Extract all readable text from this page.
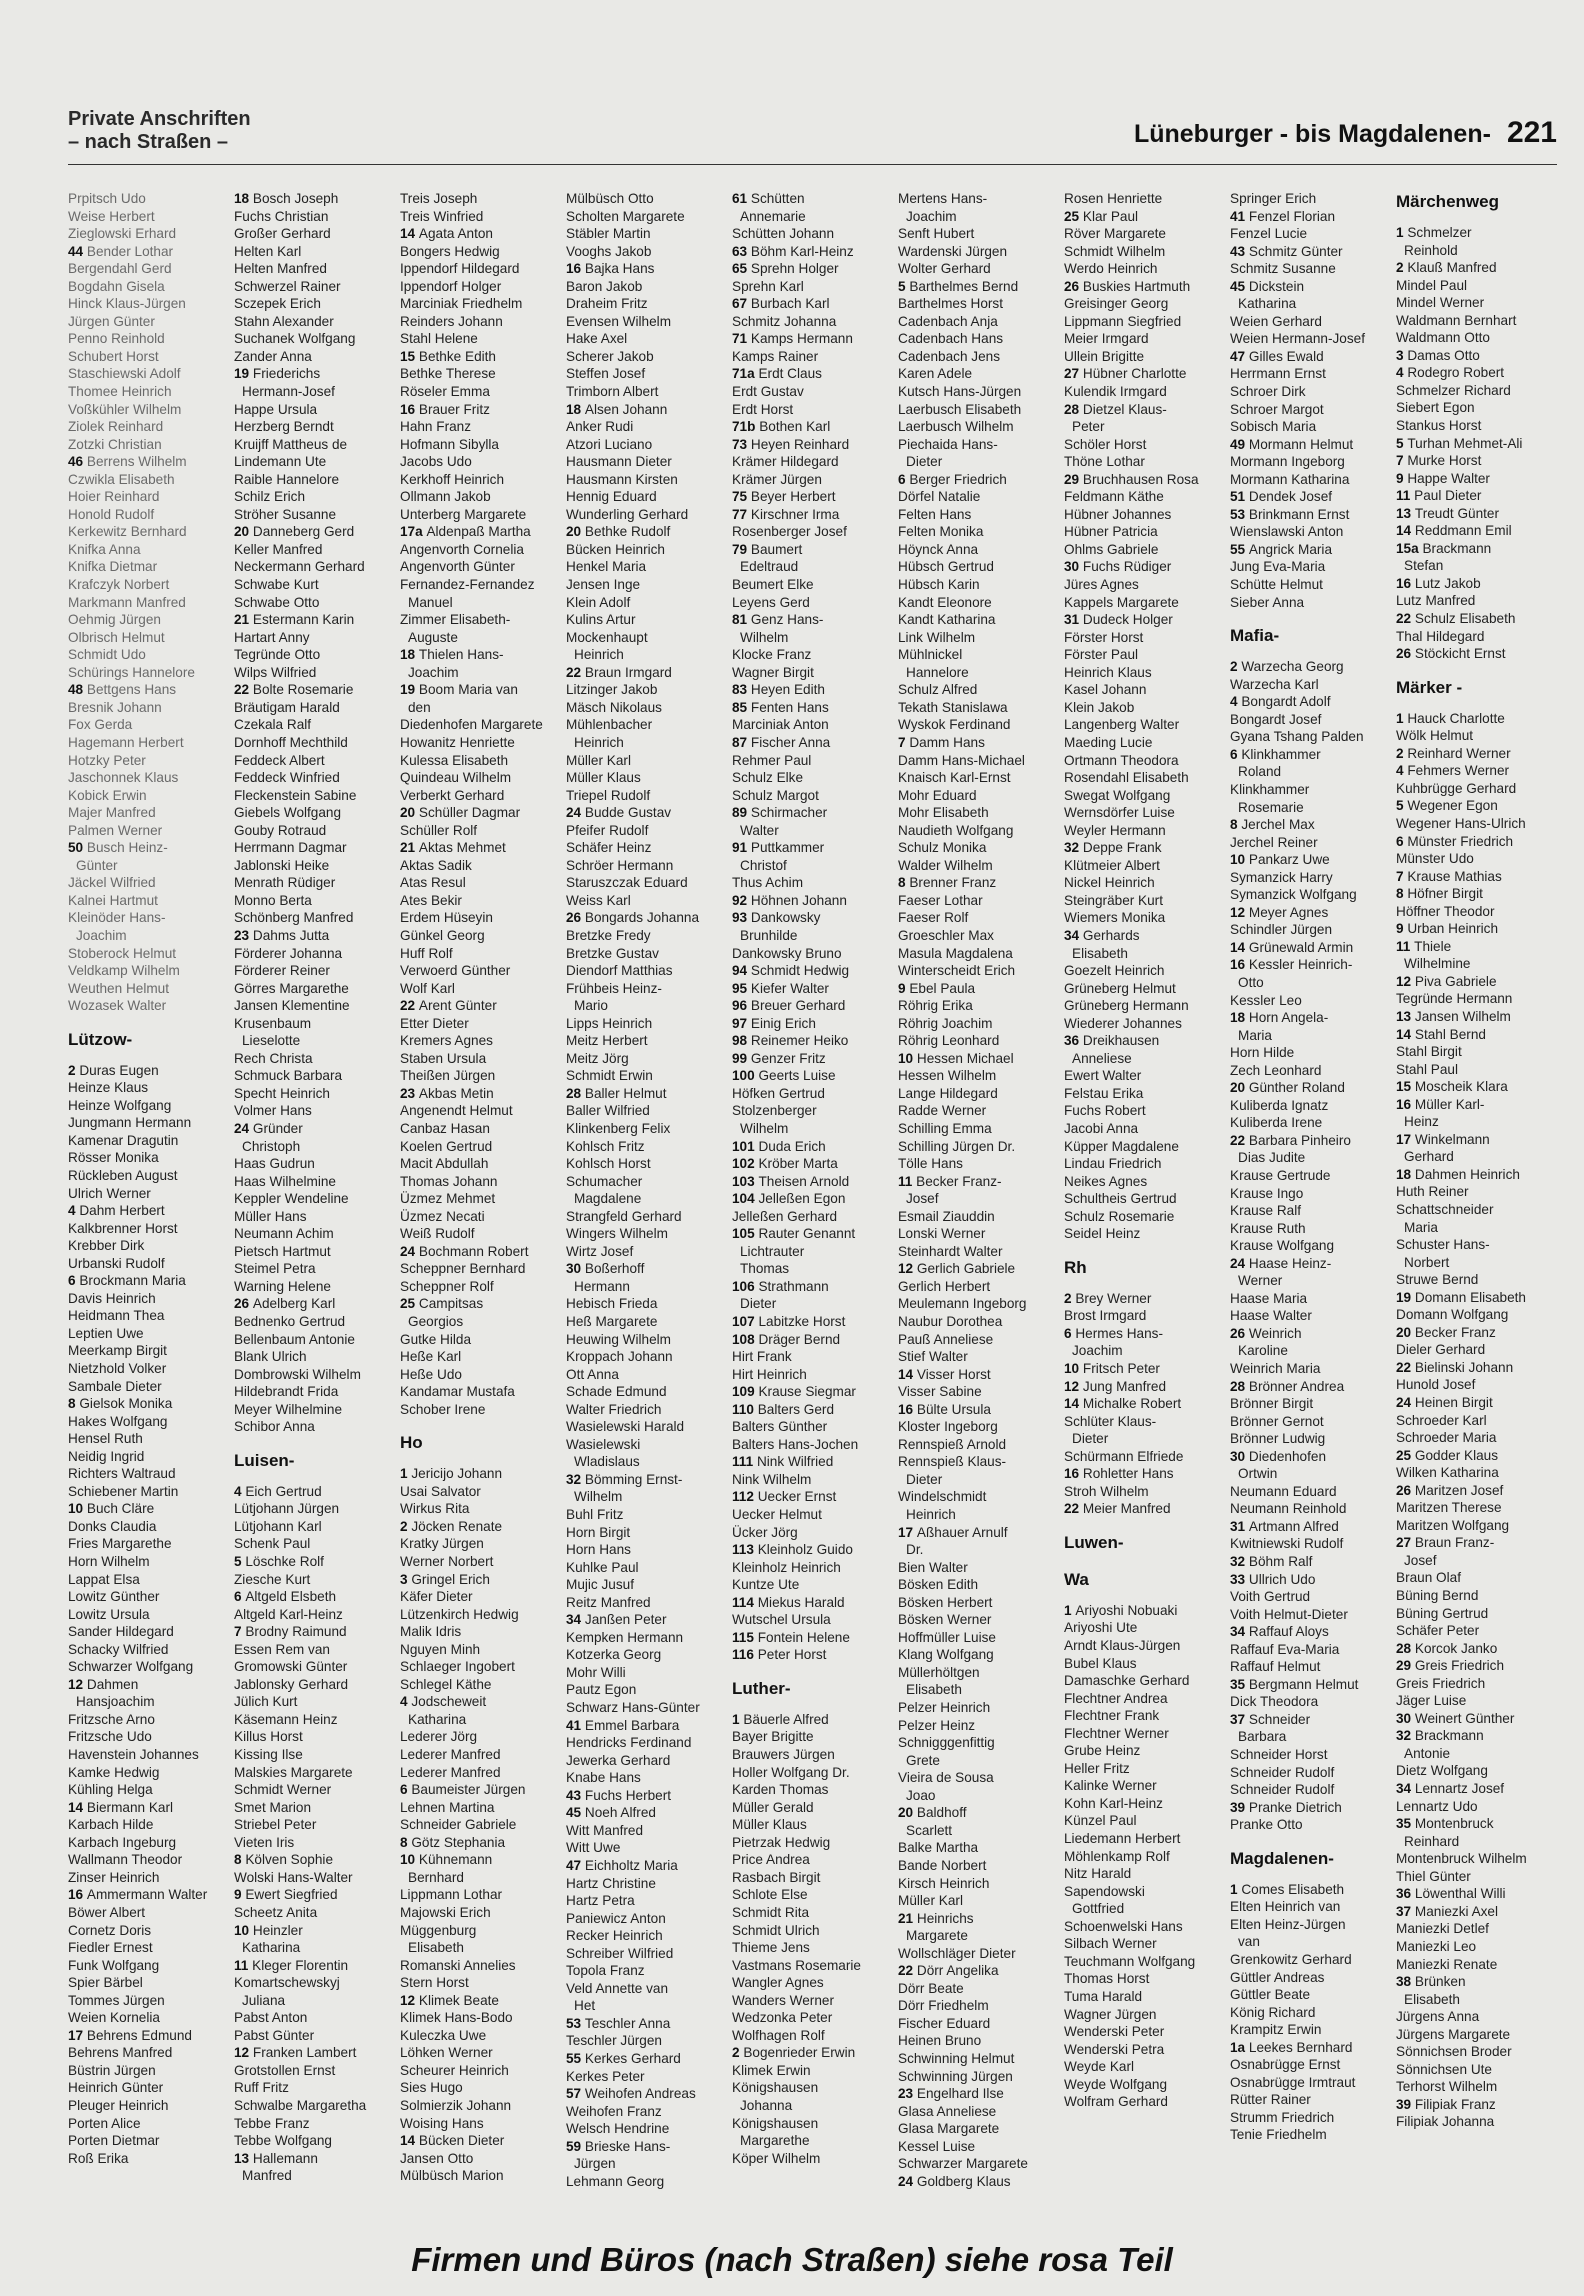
Private Anschriften
– nach Straßen –	Lüneburger - bis Magdalenen- 221
Prpitsch Udo
Weise Herbert
Zieglowski Erhard
44 Bender Lothar
Bergendahl Gerd
Bogdahn Gisela
Hinck Klaus-Jürgen
Jürgen Günter
Penno Reinhold
Schubert Horst
Staschiewski Adolf
Thomee Heinrich
Voßkühler Wilhelm
Ziolek Reinhard
Zotzki Christian
46 Berrens Wilhelm
Czwikla Elisabeth
Hoier Reinhard
Honold Rudolf
Kerkewitz Bernhard
Knifka Anna
Knifka Dietmar
Krafczyk Norbert
Markmann Manfred
Oehmig Jürgen
Olbrisch Helmut
Schmidt Udo
Schürings Hannelore
48 Bettgens Hans
Bresnik Johann
Fox Gerda
Hagemann Herbert
Hotzky Peter
Jaschonnek Klaus
Kobick Erwin
Majer Manfred
Palmen Werner
50 Busch Heinz-
Günter
Jäckel Wilfried
Kalnei Hartmut
Kleinöder Hans-
Joachim
Stoberock Helmut
Veldkamp Wilhelm
Weuthen Helmut
Wozasek Walter
Lützow-
2 Duras Eugen
Heinze Klaus
Heinze Wolfgang
Jungmann Hermann
Kamenar Dragutin
Rösser Monika
Rückleben August
Ulrich Werner
4 Dahm Herbert
Kalkbrenner Horst
Krebber Dirk
Urbanski Rudolf
6 Brockmann Maria
Davis Heinrich
Heidmann Thea
Leptien Uwe
Meerkamp Birgit
Nietzhold Volker
Sambale Dieter
8 Gielsok Monika
Hakes Wolfgang
Hensel Ruth
Neidig Ingrid
Richters Waltraud
Schiebener Martin
10 Buch Cläre
Donks Claudia
Fries Margarethe
Horn Wilhelm
Lappat Elsa
Lowitz Günther
Lowitz Ursula
Sander Hildegard
Schacky Wilfried
Schwarzer Wolfgang
12 Dahmen
Hansjoachim
Fritzsche Arno
Fritzsche Udo
Havenstein Johannes
Kamke Hedwig
Kühling Helga
14 Biermann Karl
Karbach Hilde
Karbach Ingeburg
Wallmann Theodor
Zinser Heinrich
16 Ammermann Walter
Böwer Albert
Cornetz Doris
Fiedler Ernest
Funk Wolfgang
Spier Bärbel
Tommes Jürgen
Weien Kornelia
17 Behrens Edmund
Behrens Manfred
Büstrin Jürgen
Heinrich Günter
Pleuger Heinrich
Porten Alice
Porten Dietmar
Roß Erika
18 Bosch Joseph
Fuchs Christian
Großer Gerhard
Helten Karl
Helten Manfred
Schwerzel Rainer
Sczepek Erich
Stahn Alexander
Suchanek Wolfgang
Zander Anna
19 Friederichs
Hermann-Josef
Happe Ursula
Herzberg Berndt
Kruijff Mattheus de
Lindemann Ute
Raible Hannelore
Schilz Erich
Ströher Susanne
20 Danneberg Gerd
Keller Manfred
Neckermann Gerhard
Schwabe Kurt
Schwabe Otto
21 Estermann Karin
Hartart Anny
Tegründe Otto
Wilps Wilfried
22 Bolte Rosemarie
Bräutigam Harald
Czekala Ralf
Dornhoff Mechthild
Feddeck Albert
Feddeck Winfried
Fleckenstein Sabine
Giebels Wolfgang
Gouby Rotraud
Herrmann Dagmar
Jablonski Heike
Menrath Rüdiger
Monno Berta
Schönberg Manfred
23 Dahms Jutta
Förderer Johanna
Förderer Reiner
Görres Margarethe
Jansen Klementine
Krusenbaum
Lieselotte
Rech Christa
Schmuck Barbara
Specht Heinrich
Volmer Hans
24 Gründer
Christoph
Haas Gudrun
Haas Wilhelmine
Keppler Wendeline
Müller Hans
Neumann Achim
Pietsch Hartmut
Steimel Petra
Warning Helene
26 Adelberg Karl
Bednenko Gertrud
Bellenbaum Antonie
Blank Ulrich
Dombrowski Wilhelm
Hildebrandt Frida
Meyer Wilhelmine
Schibor Anna
Luisen-
4 Eich Gertrud
Lütjohann Jürgen
Lütjohann Karl
Schenk Paul
5 Löschke Rolf
Ziesche Kurt
6 Altgeld Elsbeth
Altgeld Karl-Heinz
7 Brodny Raimund
Essen Rem van
Gromowski Günter
Jablonsky Gerhard
Jülich Kurt
Käsemann Heinz
Killus Horst
Kissing Ilse
Malskies Margarete
Schmidt Werner
Smet Marion
Striebel Peter
Vieten Iris
8 Kölven Sophie
Wolski Hans-Walter
9 Ewert Siegfried
Scheetz Anita
10 Heinzler
Katharina
11 Kleger Florentin
Komartschewskyj
Juliana
Pabst Anton
Pabst Günter
12 Franken Lambert
Grotstollen Ernst
Ruff Fritz
Schwalbe Margaretha
Tebbe Franz
Tebbe Wolfgang
13 Hallemann
Manfred
Treis Joseph
Treis Winfried
14 Agata Anton
Bongers Hedwig
Ippendorf Hildegard
Ippendorf Holger
Marciniak Friedhelm
Reinders Johann
Stahl Helene
15 Bethke Edith
Bethke Therese
Röseler Emma
16 Brauer Fritz
Hahn Franz
Hofmann Sibylla
Jacobs Udo
Kerkhoff Heinrich
Ollmann Jakob
Unterberg Margarete
17a Aldenpaß Martha
Angenvorth Cornelia
Angenvorth Günter
Fernandez-Fernandez
Manuel
Zimmer Elisabeth-
Auguste
18 Thielen Hans-
Joachim
19 Boom Maria van
den
Diedenhofen Margarete
Howanitz Henriette
Kulessa Elisabeth
Quindeau Wilhelm
Verberkt Gerhard
20 Schüller Dagmar
Schüller Rolf
21 Aktas Mehmet
Aktas Sadik
Atas Resul
Ates Bekir
Erdem Hüseyin
Günkel Georg
Huff Rolf
Verwoerd Günther
Wolf Karl
22 Arent Günter
Etter Dieter
Kremers Agnes
Staben Ursula
Theißen Jürgen
23 Akbas Metin
Angenendt Helmut
Canbaz Hasan
Koelen Gertrud
Macit Abdullah
Thomas Johann
Üzmez Mehmet
Üzmez Necati
Weiß Rudolf
24 Bochmann Robert
Scheppner Bernhard
Scheppner Rolf
25 Campitsas
Georgios
Gutke Hilda
Heße Karl
Heße Udo
Kandamar Mustafa
Schober Irene
Ho
1 Jericijo Johann
Usai Salvator
Wirkus Rita
2 Jöcken Renate
Kratky Jürgen
Werner Norbert
3 Gringel Erich
Käfer Dieter
Lützenkirch Hedwig
Malik Idris
Nguyen Minh
Schlaeger Ingobert
Schlegel Käthe
4 Jodscheweit
Katharina
Lederer Jörg
Lederer Manfred
Lederer Manfred
6 Baumeister Jürgen
Lehnen Martina
Schneider Gabriele
8 Götz Stephania
10 Kühnemann
Bernhard
Lippmann Lothar
Majowski Erich
Müggenburg
Elisabeth
Romanski Annelies
Stern Horst
12 Klimek Beate
Klimek Hans-Bodo
Kuleczka Uwe
Löhken Werner
Scheurer Heinrich
Sies Hugo
Solmierzik Johann
Woising Hans
14 Bücken Dieter
Jansen Otto
Mülbüsch Marion
Mülbüsch Otto
Scholten Margarete
Stäbler Martin
Vooghs Jakob
16 Bajka Hans
Baron Jakob
Draheim Fritz
Evensen Wilhelm
Hake Axel
Scherer Jakob
Steffen Josef
Trimborn Albert
18 Alsen Johann
Anker Rudi
Atzori Luciano
Hausmann Dieter
Hausmann Kirsten
Hennig Eduard
Wunderling Gerhard
20 Bethke Rudolf
Bücken Heinrich
Henkel Maria
Jensen Inge
Klein Adolf
Kulins Artur
Mockenhaupt
Heinrich
22 Braun Irmgard
Litzinger Jakob
Mäsch Nikolaus
Mühlenbacher
Heinrich
Müller Karl
Müller Klaus
Triepel Rudolf
24 Budde Gustav
Pfeifer Rudolf
Schäfer Heinz
Schröer Hermann
Staruszczak Eduard
Weiss Karl
26 Bongards Johanna
Bretzke Fredy
Bretzke Gustav
Diendorf Matthias
Frühbeis Heinz-
Mario
Lipps Heinrich
Meitz Herbert
Meitz Jörg
Schmidt Erwin
28 Baller Helmut
Baller Wilfried
Klinkenberg Felix
Kohlsch Fritz
Kohlsch Horst
Schumacher
Magdalene
Strangfeld Gerhard
Wingers Wilhelm
Wirtz Josef
30 Boßerhoff
Hermann
Hebisch Frieda
Heß Margarete
Heuwing Wilhelm
Kroppach Johann
Ott Anna
Schade Edmund
Walter Friedrich
Wasielewski Harald
Wasielewski
Wladislaus
32 Bömming Ernst-
Wilhelm
Buhl Fritz
Horn Birgit
Horn Hans
Kuhlke Paul
Mujic Jusuf
Reitz Manfred
34 Janßen Peter
Kempken Hermann
Kotzerka Georg
Mohr Willi
Pautz Egon
Schwarz Hans-Günter
41 Emmel Barbara
Hendricks Ferdinand
Jewerka Gerhard
Knabe Hans
43 Fuchs Herbert
45 Noeh Alfred
Witt Manfred
Witt Uwe
47 Eichholtz Maria
Hartz Christine
Hartz Petra
Paniewicz Anton
Recker Heinrich
Schreiber Wilfried
Topola Franz
Veld Annette van
Het
53 Teschler Anna
Teschler Jürgen
55 Kerkes Gerhard
Kerkes Peter
57 Weihofen Andreas
Weihofen Franz
Welsch Hendrine
59 Brieske Hans-
Jürgen
Lehmann Georg
61 Schütten
Annemarie
Schütten Johann
63 Böhm Karl-Heinz
65 Sprehn Holger
Sprehn Karl
67 Burbach Karl
Schmitz Johanna
71 Kamps Hermann
Kamps Rainer
71a Erdt Claus
Erdt Gustav
Erdt Horst
71b Bothen Karl
73 Heyen Reinhard
Krämer Hildegard
Krämer Jürgen
75 Beyer Herbert
77 Kirschner Irma
Rosenberger Josef
79 Baumert
Edeltraud
Beumert Elke
Leyens Gerd
81 Genz Hans-
Wilhelm
Klocke Franz
Wagner Birgit
83 Heyen Edith
85 Fenten Hans
Marciniak Anton
87 Fischer Anna
Rehmer Paul
Schulz Elke
Schulz Margot
89 Schirmacher
Walter
91 Puttkammer
Christof
Thus Achim
92 Höhnen Johann
93 Dankowsky
Brunhilde
Dankowsky Bruno
94 Schmidt Hedwig
95 Kiefer Walter
96 Breuer Gerhard
97 Einig Erich
98 Reinemer Heiko
99 Genzer Fritz
100 Geerts Luise
Höfken Gertrud
Stolzenberger
Wilhelm
101 Duda Erich
102 Kröber Marta
103 Theisen Arnold
104 Jelleßen Egon
Jelleßen Gerhard
105 Rauter Genannt
Lichtrauter
Thomas
106 Strathmann
Dieter
107 Labitzke Horst
108 Dräger Bernd
Hirt Frank
Hirt Heinrich
109 Krause Siegmar
110 Balters Gerd
Balters Günther
Balters Hans-Jochen
111 Nink Wilfried
Nink Wilhelm
112 Uecker Ernst
Uecker Helmut
Ücker Jörg
113 Kleinholz Guido
Kleinholz Heinrich
Kuntze Ute
114 Miekus Harald
Wutschel Ursula
115 Fontein Helene
116 Peter Horst
Luther-
1 Bäuerle Alfred
Bayer Brigitte
Brauwers Jürgen
Holler Wolfgang Dr.
Karden Thomas
Müller Gerald
Müller Klaus
Pietrzak Hedwig
Price Andrea
Rasbach Birgit
Schlote Else
Schmidt Rita
Schmidt Ulrich
Thieme Jens
Vastmans Rosemarie
Wangler Agnes
Wanders Werner
Wedzonka Peter
Wolfhagen Rolf
2 Bogenrieder Erwin
Klimek Erwin
Königshausen
Johanna
Königshausen
Margarethe
Köper Wilhelm
Mertens Hans-
Joachim
Senft Hubert
Wardenski Jürgen
Wolter Gerhard
5 Barthelmes Bernd
Barthelmes Horst
Cadenbach Anja
Cadenbach Hans
Cadenbach Jens
Karen Adele
Kutsch Hans-Jürgen
Laerbusch Elisabeth
Laerbusch Wilhelm
Piechaida Hans-
Dieter
6 Berger Friedrich
Dörfel Natalie
Felten Hans
Felten Monika
Höynck Anna
Hübsch Gertrud
Hübsch Karin
Kandt Eleonore
Kandt Katharina
Link Wilhelm
Mühlnickel
Hannelore
Schulz Alfred
Tekath Stanislawa
Wyskok Ferdinand
7 Damm Hans
Damm Hans-Michael
Knaisch Karl-Ernst
Mohr Eduard
Mohr Elisabeth
Naudieth Wolfgang
Schulz Monika
Walder Wilhelm
8 Brenner Franz
Faeser Lothar
Faeser Rolf
Groeschler Max
Masula Magdalena
Winterscheidt Erich
9 Ebel Paula
Röhrig Erika
Röhrig Joachim
Röhrig Leonhard
10 Hessen Michael
Hessen Wilhelm
Lange Hildegard
Radde Werner
Schilling Emma
Schilling Jürgen Dr.
Tölle Hans
11 Becker Franz-
Josef
Esmail Ziauddin
Lonski Werner
Steinhardt Walter
12 Gerlich Gabriele
Gerlich Herbert
Meulemann Ingeborg
Naubur Dorothea
Pauß Anneliese
Stief Walter
14 Visser Horst
Visser Sabine
16 Bülte Ursula
Kloster Ingeborg
Rennspieß Arnold
Rennspieß Klaus-
Dieter
Windelschmidt
Heinrich
17 Aßhauer Arnulf
Dr.
Bien Walter
Bösken Edith
Bösken Herbert
Bösken Werner
Hoffmüller Luise
Klang Wolfgang
Müllerhöltgen
Elisabeth
Pelzer Heinrich
Pelzer Heinz
Schnigggenfittig
Grete
Vieira de Sousa
Joao
20 Baldhoff
Scarlett
Balke Martha
Bande Norbert
Kirsch Heinrich
Müller Karl
21 Heinrichs
Margarete
Wollschläger Dieter
22 Dörr Angelika
Dörr Beate
Dörr Friedhelm
Fischer Eduard
Heinen Bruno
Schwinning Helmut
Schwinning Jürgen
23 Engelhard Ilse
Glasa Anneliese
Glasa Margarete
Kessel Luise
Schwarzer Margarete
24 Goldberg Klaus
Rosen Henriette
25 Klar Paul
Röver Margarete
Schmidt Wilhelm
Werdo Heinrich
26 Buskies Hartmuth
Greisinger Georg
Lippmann Siegfried
Meier Irmgard
Ullein Brigitte
27 Hübner Charlotte
Kulendik Irmgard
28 Dietzel Klaus-
Peter
Schöler Horst
Thöne Lothar
29 Bruchhausen Rosa
Feldmann Käthe
Hübner Johannes
Hübner Patricia
Ohlms Gabriele
30 Fuchs Rüdiger
Jüres Agnes
Kappels Margarete
31 Dudeck Holger
Förster Horst
Förster Paul
Heinrich Klaus
Kasel Johann
Klein Jakob
Langenberg Walter
Maeding Lucie
Ortmann Theodora
Rosendahl Elisabeth
Swegat Wolfgang
Wernsdörfer Luise
Weyler Hermann
32 Deppe Frank
Klütmeier Albert
Nickel Heinrich
Steingräber Kurt
Wiemers Monika
34 Gerhards
Elisabeth
Goezelt Heinrich
Grüneberg Helmut
Grüneberg Hermann
Wiederer Johannes
36 Dreikhausen
Anneliese
Ewert Walter
Felstau Erika
Fuchs Robert
Jacobi Anna
Küpper Magdalene
Lindau Friedrich
Neikes Agnes
Schultheis Gertrud
Schulz Rosemarie
Seidel Heinz
Rh
2 Brey Werner
Brost Irmgard
6 Hermes Hans-
Joachim
10 Fritsch Peter
12 Jung Manfred
14 Michalke Robert
Schlüter Klaus-
Dieter
Schürmann Elfriede
16 Rohletter Hans
Stroh Wilhelm
22 Meier Manfred
Luwen-
Wa
1 Ariyoshi Nobuaki
Ariyoshi Ute
Arndt Klaus-Jürgen
Bubel Klaus
Damaschke Gerhard
Flechtner Andrea
Flechtner Frank
Flechtner Werner
Grube Heinz
Heller Fritz
Kalinke Werner
Kohn Karl-Heinz
Künzel Paul
Liedemann Herbert
Möhlenkamp Rolf
Nitz Harald
Sapendowski
Gottfried
Schoenwelski Hans
Silbach Werner
Teuchmann Wolfgang
Thomas Horst
Tuma Harald
Wagner Jürgen
Wenderski Peter
Wenderski Petra
Weyde Karl
Weyde Wolfgang
Wolfram Gerhard
Springer Erich
41 Fenzel Florian
Fenzel Lucie
43 Schmitz Günter
Schmitz Susanne
45 Dickstein
Katharina
Weien Gerhard
Weien Hermann-Josef
47 Gilles Ewald
Herrmann Ernst
Schroer Dirk
Schroer Margot
Sobisch Maria
49 Mormann Helmut
Mormann Ingeborg
Mormann Katharina
51 Dendek Josef
53 Brinkmann Ernst
Wienslawski Anton
55 Angrick Maria
Jung Eva-Maria
Schütte Helmut
Sieber Anna
Mafia-
2 Warzecha Georg
Warzecha Karl
4 Bongardt Adolf
Bongardt Josef
Gyana Tshang Palden
6 Klinkhammer
Roland
Klinkhammer
Rosemarie
8 Jerchel Max
Jerchel Reiner
10 Pankarz Uwe
Symanzick Harry
Symanzick Wolfgang
12 Meyer Agnes
Schindler Jürgen
14 Grünewald Armin
16 Kessler Heinrich-
Otto
Kessler Leo
18 Horn Angela-
Maria
Horn Hilde
Zech Leonhard
20 Günther Roland
Kuliberda Ignatz
Kuliberda Irene
22 Barbara Pinheiro
Dias Judite
Krause Gertrude
Krause Ingo
Krause Ralf
Krause Ruth
Krause Wolfgang
24 Haase Heinz-
Werner
Haase Maria
Haase Walter
26 Weinrich
Karoline
Weinrich Maria
28 Brönner Andrea
Brönner Birgit
Brönner Gernot
Brönner Ludwig
30 Diedenhofen
Ortwin
Neumann Eduard
Neumann Reinhold
31 Artmann Alfred
Kwitniewski Rudolf
32 Böhm Ralf
33 Ullrich Udo
Voith Gertrud
Voith Helmut-Dieter
34 Raffauf Aloys
Raffauf Eva-Maria
Raffauf Helmut
35 Bergmann Helmut
Dick Theodora
37 Schneider
Barbara
Schneider Horst
Schneider Rudolf
Schneider Rudolf
39 Pranke Dietrich
Pranke Otto
Magdalenen-
1 Comes Elisabeth
Elten Heinrich van
Elten Heinz-Jürgen
van
Grenkowitz Gerhard
Güttler Andreas
Güttler Beate
König Richard
Krampitz Erwin
1a Leekes Bernhard
Osnabrügge Ernst
Osnabrügge Irmtraut
Rütter Rainer
Strumm Friedrich
Tenie Friedhelm
Märchenweg
1 Schmelzer
Reinhold
2 Klauß Manfred
Mindel Paul
Mindel Werner
Waldmann Bernhart
Waldmann Otto
3 Damas Otto
4 Rodegro Robert
Schmelzer Richard
Siebert Egon
Stankus Horst
5 Turhan Mehmet-Ali
7 Murke Horst
9 Happe Walter
11 Paul Dieter
13 Treudt Günter
14 Reddmann Emil
15a Brackmann
Stefan
16 Lutz Jakob
Lutz Manfred
22 Schulz Elisabeth
Thal Hildegard
26 Stöckicht Ernst
Märker -
1 Hauck Charlotte
Wölk Helmut
2 Reinhard Werner
4 Fehmers Werner
Kuhbrügge Gerhard
5 Wegener Egon
Wegener Hans-Ulrich
6 Münster Friedrich
Münster Udo
7 Krause Mathias
8 Höfner Birgit
Höffner Theodor
9 Urban Heinrich
11 Thiele
Wilhelmine
12 Piva Gabriele
Tegründe Hermann
13 Jansen Wilhelm
14 Stahl Bernd
Stahl Birgit
Stahl Paul
15 Moscheik Klara
16 Müller Karl-
Heinz
17 Winkelmann
Gerhard
18 Dahmen Heinrich
Huth Reiner
Schattschneider
Maria
Schuster Hans-
Norbert
Struwe Bernd
19 Domann Elisabeth
Domann Wolfgang
20 Becker Franz
Dieler Gerhard
22 Bielinski Johann
Hunold Josef
24 Heinen Birgit
Schroeder Karl
Schroeder Maria
25 Godder Klaus
Wilken Katharina
26 Maritzen Josef
Maritzen Therese
Maritzen Wolfgang
27 Braun Franz-
Josef
Braun Olaf
Büning Bernd
Büning Gertrud
Schäfer Peter
28 Korcok Janko
29 Greis Friedrich
Greis Friedrich
Jäger Luise
30 Weinert Günther
32 Brackmann
Antonie
Dietz Wolfgang
34 Lennartz Josef
Lennartz Udo
35 Montenbruck
Reinhard
Montenbruck Wilhelm
Thiel Günter
36 Löwenthal Willi
37 Maniezki Axel
Maniezki Detlef
Maniezki Leo
Maniezki Renate
38 Brünken
Elisabeth
Jürgens Anna
Jürgens Margarete
Sönnichsen Broder
Sönnichsen Ute
Terhorst Wilhelm
39 Filipiak Franz
Filipiak Johanna
Firmen und Büros (nach Straßen) siehe rosa Teil
